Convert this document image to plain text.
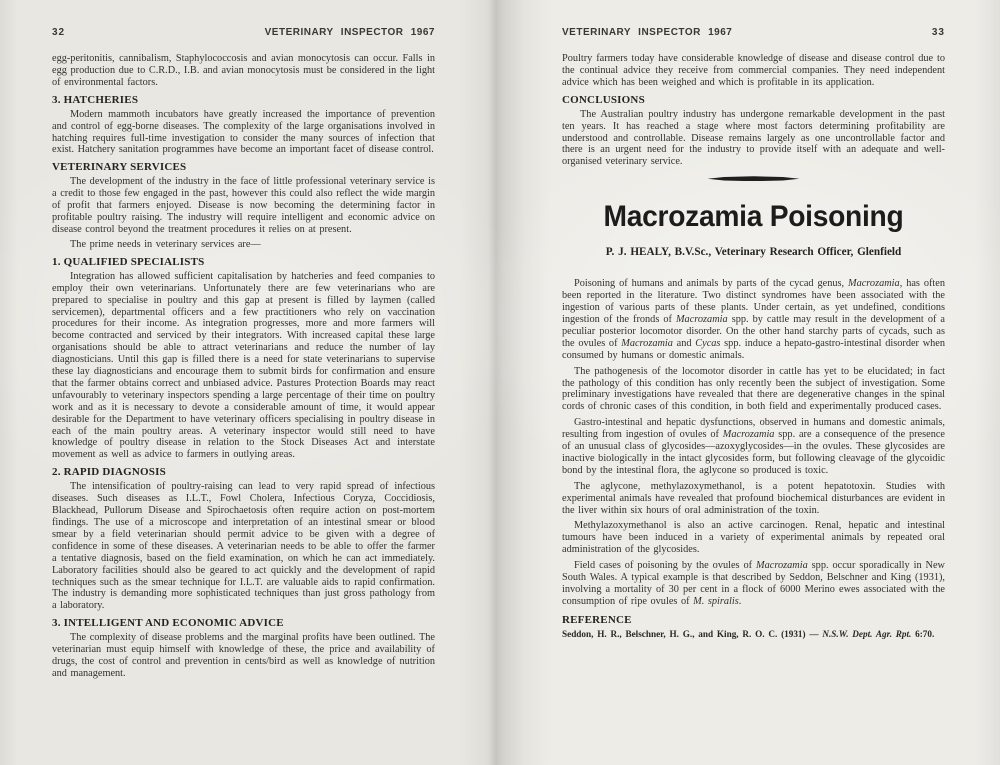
32	VETERINARY INSPECTOR 1967

egg-peritonitis, cannibalism, Staphylococcosis and avian monocytosis can occur. Falls in egg production due to C.R.D., I.B. and avian monocytosis must be considered in the light of environmental factors.

3. HATCHERIES

Modern mammoth incubators have greatly increased the importance of prevention and control of egg-borne diseases. The complexity of the large organisations involved in hatching requires full-time investigation to consider the many sources of infection that exist. Hatchery sanitation programmes have become an important facet of disease control.

VETERINARY SERVICES

The development of the industry in the face of little professional veterinary service is a credit to those few engaged in the past, however this could also reflect the wide margin of profit that farmers enjoyed. Disease is now becoming the determining factor in profitable poultry raising. The industry will require intelligent and economic advice on disease control beyond the treatment procedures it relies on at present.

The prime needs in veterinary services are—

1. QUALIFIED SPECIALISTS

Integration has allowed sufficient capitalisation by hatcheries and feed companies to employ their own veterinarians. Unfortunately there are few veterinarians who are prepared to specialise in poultry and this gap at present is filled by laymen (called servicemen), departmental officers and a few practitioners who rely on vaccination procedures for their income. As integration progresses, more and more farmers will become contracted and serviced by their integrators. With increased capital these large organisations should be able to attract veterinarians and reduce the number of lay diagnosticians. Until this gap is filled there is a need for state veterinarians to supervise these lay diagnosticians and encourage them to submit birds for confirmation and ensure that the farmer obtains correct and unbiased advice. Pastures Protection Boards may react unfavourably to veterinary inspectors spending a large percentage of their time on poultry work and as it is necessary to devote a considerable amount of time, it would appear desirable for the Department to have veterinary officers specialising in poultry disease in each of the main poultry areas. A veterinary inspector would still need to have knowledge of poultry disease in relation to the Stock Diseases Act and interstate movement as well as advice to farmers in outlying areas.

2. RAPID DIAGNOSIS

The intensification of poultry-raising can lead to very rapid spread of infectious diseases. Such diseases as I.L.T., Fowl Cholera, Infectious Coryza, Coccidiosis, Blackhead, Pullorum Disease and Spirochaetosis often require action on post-mortem findings. The use of a microscope and interpretation of an intestinal smear or blood smear by a field veterinarian should permit advice to be given with a degree of confidence in some of these diseases. A veterinarian needs to be able to offer the farmer a tentative diagnosis, based on the field examination, on which he can act immediately. Laboratory facilities should also be geared to act quickly and the development of rapid techniques such as the smear technique for I.L.T. are valuable aids to rapid confirmation. The industry is demanding more sophisticated techniques than just gross pathology from a laboratory.

3. INTELLIGENT AND ECONOMIC ADVICE

The complexity of disease problems and the marginal profits have been outlined. The veterinarian must equip himself with knowledge of these, the price and availability of drugs, the cost of control and prevention in cents/bird as well as knowledge of nutrition and management.

VETERINARY INSPECTOR 1967	33

Poultry farmers today have considerable knowledge of disease and disease control due to the continual advice they receive from commercial companies. They need independent advice which has been weighed and which is profitable in its application.

CONCLUSIONS

The Australian poultry industry has undergone remarkable development in the past ten years. It has reached a stage where most factors determining profitability are understood and controllable. Disease remains largely as one uncontrollable factor and there is an urgent need for the industry to provide itself with an adequate and well-organised veterinary service.

Macrozamia Poisoning
P. J. HEALY, B.V.Sc., Veterinary Research Officer, Glenfield

Poisoning of humans and animals by parts of the cycad genus, Macrozamia, has often been reported in the literature. Two distinct syndromes have been associated with the ingestion of various parts of these plants. Under certain, as yet undefined, conditions ingestion of the fronds of Macrozamia spp. by cattle may result in the development of a peculiar posterior locomotor disorder. On the other hand starchy parts of cycads, such as the ovules of Macrozamia and Cycas spp. induce a hepato-gastro-intestinal disorder when consumed by humans or domestic animals.

The pathogenesis of the locomotor disorder in cattle has yet to be elucidated; in fact the pathology of this condition has only recently been the subject of investigation. Some preliminary investigations have revealed that there are degenerative changes in the spinal cords of chronic cases of this condition, in both field and experimentally produced cases.

Gastro-intestinal and hepatic dysfunctions, observed in humans and domestic animals, resulting from ingestion of ovules of Macrozamia spp. are a consequence of the presence of an unusual class of glycosides—azoxyglycosides—in the ovules. These glycosides are inactive biologically in the intact glycosides form, but following cleavage of the glycoidic bond by the intestinal flora, the aglycone so produced is toxic.

The aglycone, methylazoxymethanol, is a potent hepatotoxin. Studies with experimental animals have revealed that profound biochemical disturbances are evident in the liver within six hours of oral administration of the toxin.

Methylazoxymethanol is also an active carcinogen. Renal, hepatic and intestinal tumours have been induced in a variety of experimental animals by repeated oral administration of the glycosides.

Field cases of poisoning by the ovules of Macrozamia spp. occur sporadically in New South Wales. A typical example is that described by Seddon, Belschner and King (1931), involving a mortality of 30 per cent in a flock of 6000 Merino ewes associated with the consumption of ripe ovules of M. spiralis.

REFERENCE

Seddon, H. R., Belschner, H. G., and King, R. O. C. (1931) — N.S.W. Dept. Agr. Rpt. 6:70.
